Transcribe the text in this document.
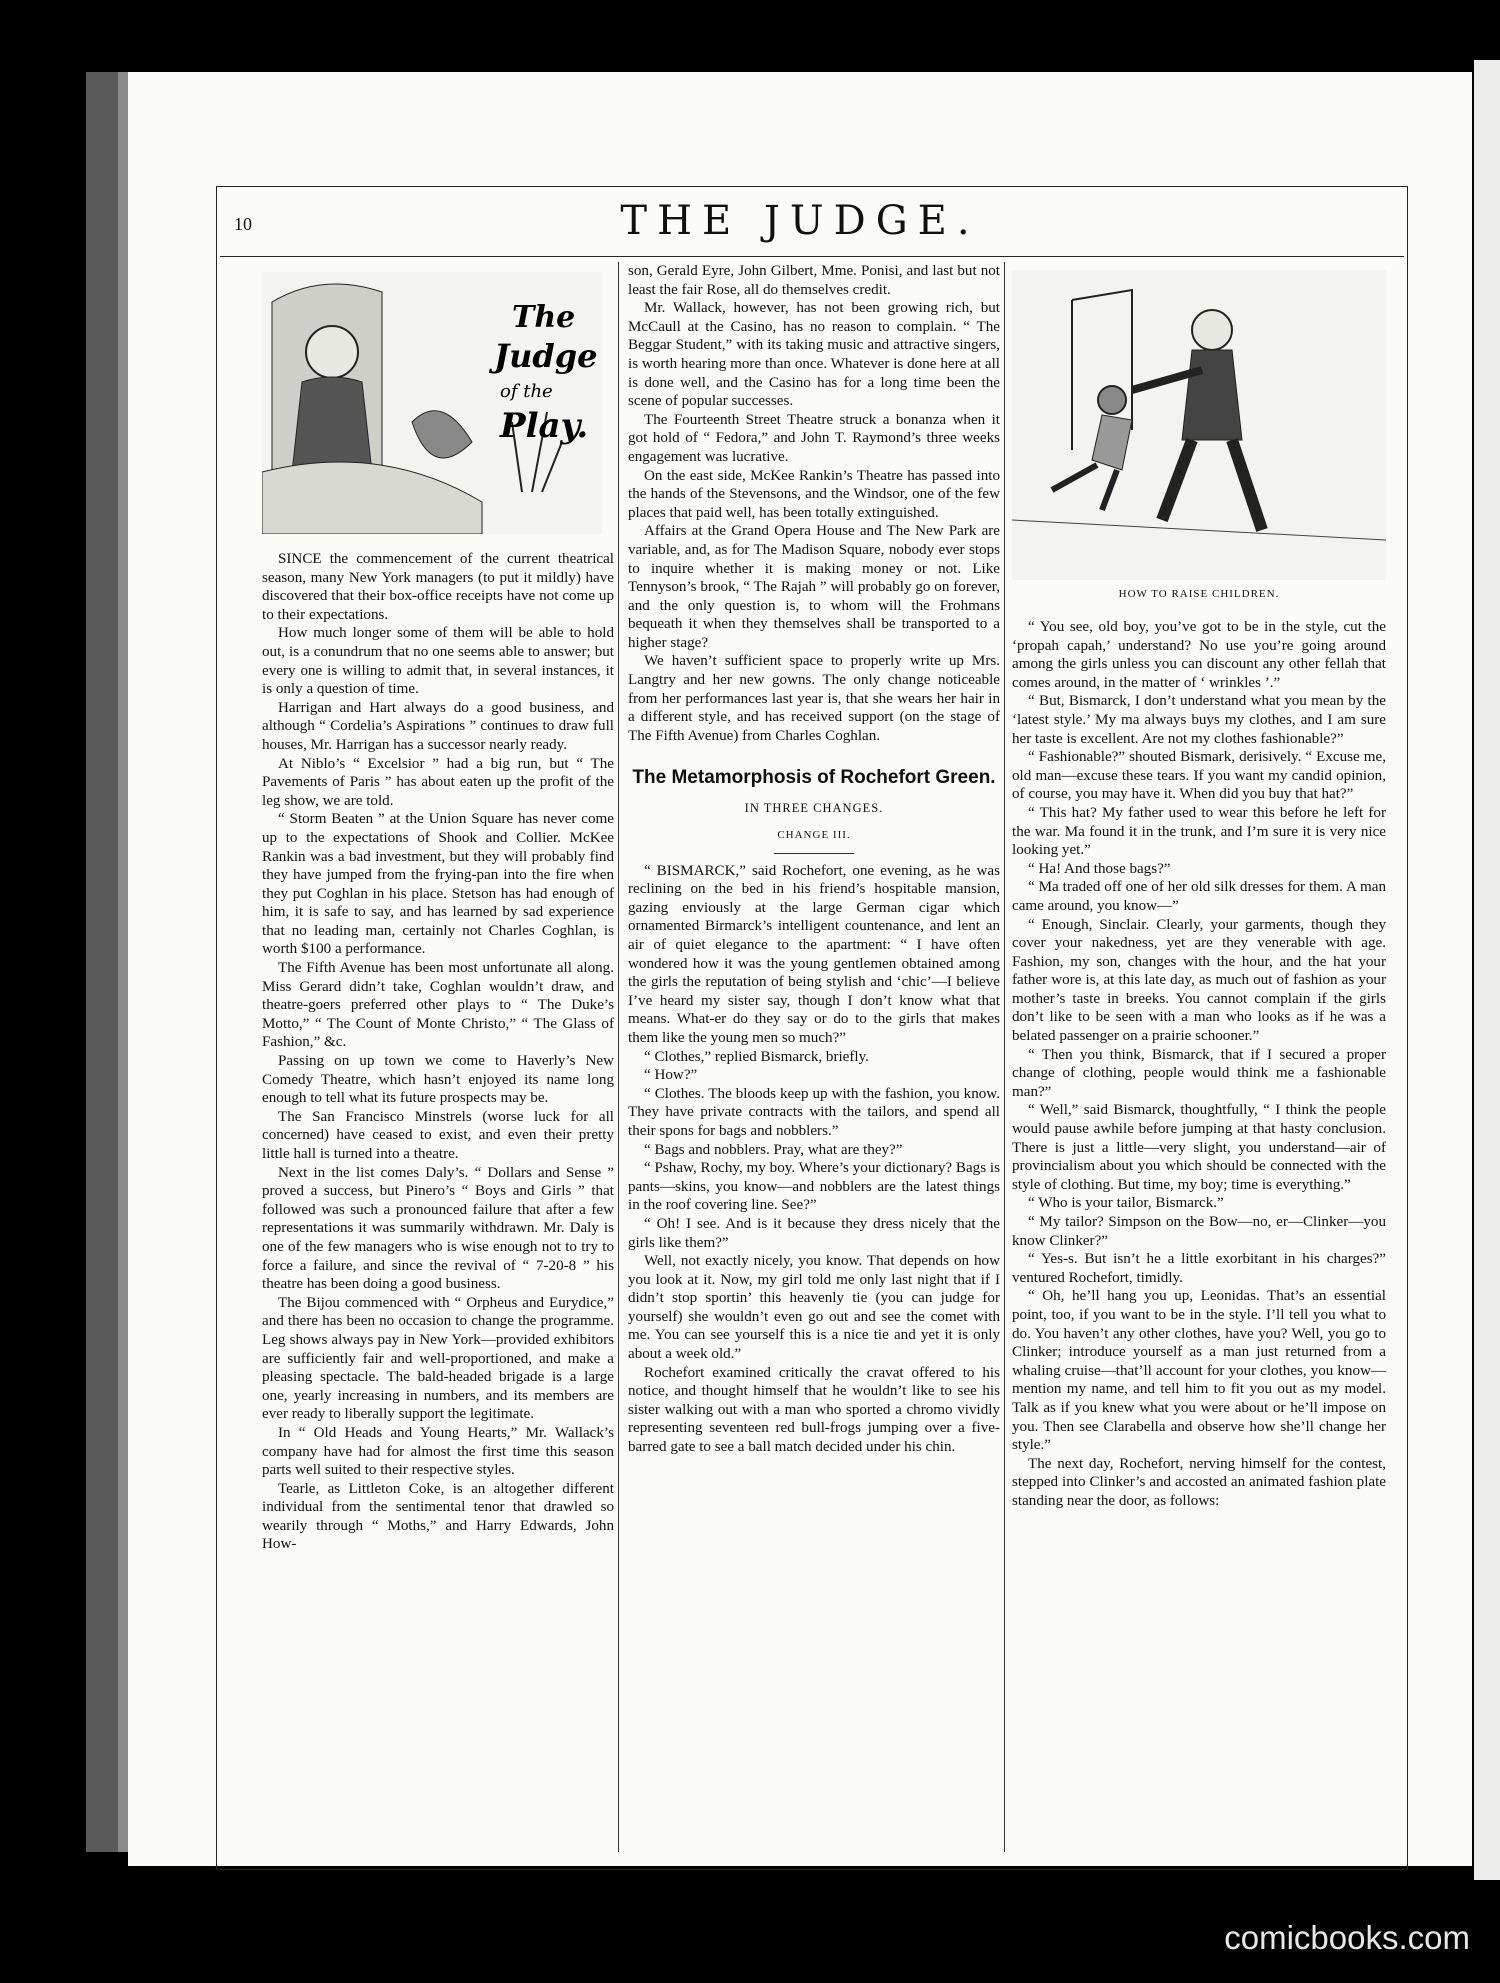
10	THE JUDGE.
The
Judge
of the
Play.
HOW TO RAISE CHILDREN.

SINCE the commencement of the current theatrical season, many New York managers (to put it mildly) have discovered that their box-office receipts have not come up to their expectations.

How much longer some of them will be able to hold out, is a conundrum that no one seems able to answer; but every one is willing to admit that, in several instances, it is only a question of time.

Harrigan and Hart always do a good business, and although “ Cordelia’s Aspirations ” continues to draw full houses, Mr. Harrigan has a successor nearly ready.

At Niblo’s “ Excelsior ” had a big run, but “ The Pavements of Paris ” has about eaten up the profit of the leg show, we are told.

“ Storm Beaten ” at the Union Square has never come up to the expectations of Shook and Collier. McKee Rankin was a bad investment, but they will probably find they have jumped from the frying-pan into the fire when they put Coghlan in his place. Stetson has had enough of him, it is safe to say, and has learned by sad experience that no leading man, certainly not Charles Coghlan, is worth $100 a performance.

The Fifth Avenue has been most unfortunate all along. Miss Gerard didn’t take, Coghlan wouldn’t draw, and theatre-goers preferred other plays to “ The Duke’s Motto,” “ The Count of Monte Christo,” “ The Glass of Fashion,” &c.

Passing on up town we come to Haverly’s New Comedy Theatre, which hasn’t enjoyed its name long enough to tell what its future prospects may be.

The San Francisco Minstrels (worse luck for all concerned) have ceased to exist, and even their pretty little hall is turned into a theatre.

Next in the list comes Daly’s. “ Dollars and Sense ” proved a success, but Pinero’s “ Boys and Girls ” that followed was such a pronounced failure that after a few representations it was summarily withdrawn. Mr. Daly is one of the few managers who is wise enough not to try to force a failure, and since the revival of “ 7-20-8 ” his theatre has been doing a good business.

The Bijou commenced with “ Orpheus and Eurydice,” and there has been no occasion to change the programme. Leg shows always pay in New York—provided exhibitors are sufficiently fair and well-proportioned, and make a pleasing spectacle. The bald-headed brigade is a large one, yearly increasing in numbers, and its members are ever ready to liberally support the legitimate.

In “ Old Heads and Young Hearts,” Mr. Wallack’s company have had for almost the first time this season parts well suited to their respective styles.

Tearle, as Littleton Coke, is an altogether different individual from the sentimental tenor that drawled so wearily through “ Moths,” and Harry Edwards, John How-

son, Gerald Eyre, John Gilbert, Mme. Ponisi, and last but not least the fair Rose, all do themselves credit.

Mr. Wallack, however, has not been growing rich, but McCaull at the Casino, has no reason to complain. “ The Beggar Student,” with its taking music and attractive singers, is worth hearing more than once. Whatever is done here at all is done well, and the Casino has for a long time been the scene of popular successes.

The Fourteenth Street Theatre struck a bonanza when it got hold of “ Fedora,” and John T. Raymond’s three weeks engagement was lucrative.

On the east side, McKee Rankin’s Theatre has passed into the hands of the Stevensons, and the Windsor, one of the few places that paid well, has been totally extinguished.

Affairs at the Grand Opera House and The New Park are variable, and, as for The Madison Square, nobody ever stops to inquire whether it is making money or not. Like Tennyson’s brook, “ The Rajah ” will probably go on forever, and the only question is, to whom will the Frohmans bequeath it when they themselves shall be transported to a higher stage?

We haven’t sufficient space to properly write up Mrs. Langtry and her new gowns. The only change noticeable from her performances last year is, that she wears her hair in a different style, and has received support (on the stage of The Fifth Avenue) from Charles Coghlan.

The Metamorphosis of Rochefort Green.
IN THREE CHANGES.
CHANGE III.

“ BISMARCK,” said Rochefort, one evening, as he was reclining on the bed in his friend’s hospitable mansion, gazing enviously at the large German cigar which ornamented Birmarck’s intelligent countenance, and lent an air of quiet elegance to the apartment: “ I have often wondered how it was the young gentlemen obtained among the girls the reputation of being stylish and ‘chic’—I believe I’ve heard my sister say, though I don’t know what that means. What-er do they say or do to the girls that makes them like the young men so much?”

“ Clothes,” replied Bismarck, briefly.

“ How?”

“ Clothes. The bloods keep up with the fashion, you know. They have private contracts with the tailors, and spend all their spons for bags and nobblers.”

“ Bags and nobblers. Pray, what are they?”

“ Pshaw, Rochy, my boy. Where’s your dictionary? Bags is pants—skins, you know—and nobblers are the latest things in the roof covering line. See?”

“ Oh! I see. And is it because they dress nicely that the girls like them?”

Well, not exactly nicely, you know. That depends on how you look at it. Now, my girl told me only last night that if I didn’t stop sportin’ this heavenly tie (you can judge for yourself) she wouldn’t even go out and see the comet with me. You can see yourself this is a nice tie and yet it is only about a week old.”

Rochefort examined critically the cravat offered to his notice, and thought himself that he wouldn’t like to see his sister walking out with a man who sported a chromo vividly representing seventeen red bull-frogs jumping over a five-barred gate to see a ball match decided under his chin.

“ You see, old boy, you’ve got to be in the style, cut the ‘propah capah,’ understand? No use you’re going around among the girls unless you can discount any other fellah that comes around, in the matter of ‘ wrinkles ’.”

“ But, Bismarck, I don’t understand what you mean by the ‘latest style.’ My ma always buys my clothes, and I am sure her taste is excellent. Are not my clothes fashionable?”

“ Fashionable?” shouted Bismark, derisively. “ Excuse me, old man—excuse these tears. If you want my candid opinion, of course, you may have it. When did you buy that hat?”

“ This hat? My father used to wear this before he left for the war. Ma found it in the trunk, and I’m sure it is very nice looking yet.”

“ Ha! And those bags?”

“ Ma traded off one of her old silk dresses for them. A man came around, you know—”

“ Enough, Sinclair. Clearly, your garments, though they cover your nakedness, yet are they venerable with age. Fashion, my son, changes with the hour, and the hat your father wore is, at this late day, as much out of fashion as your mother’s taste in breeks. You cannot complain if the girls don’t like to be seen with a man who looks as if he was a belated passenger on a prairie schooner.”

“ Then you think, Bismarck, that if I secured a proper change of clothing, people would think me a fashionable man?”

“ Well,” said Bismarck, thoughtfully, “ I think the people would pause awhile before jumping at that hasty conclusion. There is just a little—very slight, you understand—air of provincialism about you which should be connected with the style of clothing. But time, my boy; time is everything.”

“ Who is your tailor, Bismarck.”

“ My tailor? Simpson on the Bow—no, er—Clinker—you know Clinker?”

“ Yes-s. But isn’t he a little exorbitant in his charges?” ventured Rochefort, timidly.

“ Oh, he’ll hang you up, Leonidas. That’s an essential point, too, if you want to be in the style. I’ll tell you what to do. You haven’t any other clothes, have you? Well, you go to Clinker; introduce yourself as a man just returned from a whaling cruise—that’ll account for your clothes, you know—mention my name, and tell him to fit you out as my model. Talk as if you knew what you were about or he’ll impose on you. Then see Clarabella and observe how she’ll change her style.”

The next day, Rochefort, nerving himself for the contest, stepped into Clinker’s and accosted an animated fashion plate standing near the door, as follows:

comicbooks.com
